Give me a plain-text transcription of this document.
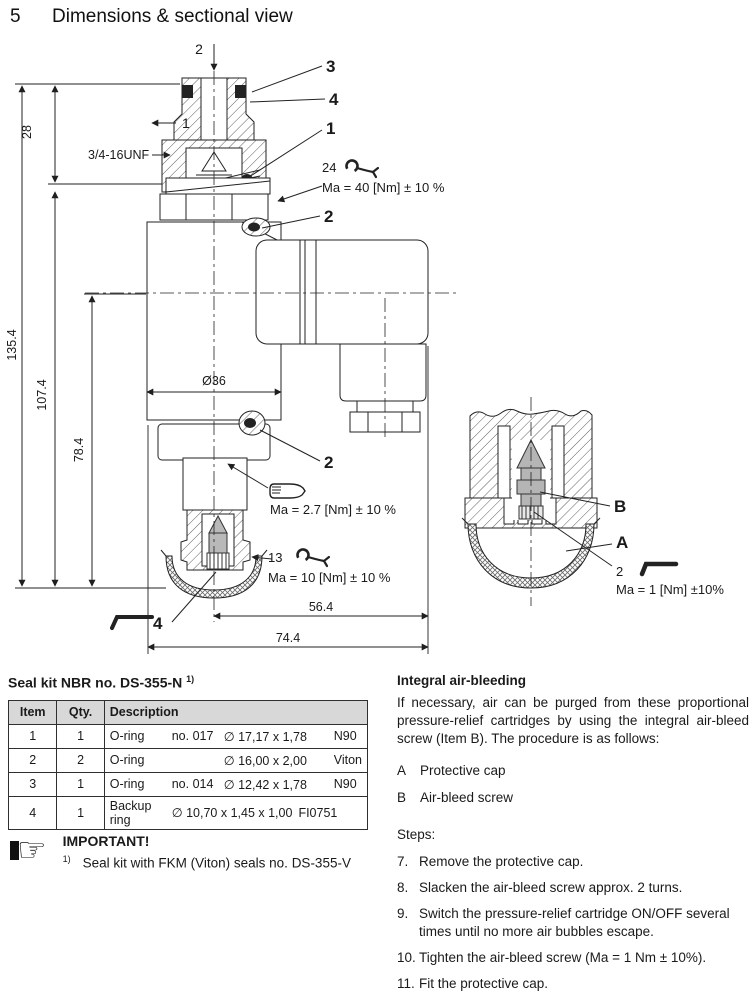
5 Dimensions & sectional view
135.4
28
107.4
78.4
Ø36
56.4
74.4
2
1
3/4-16UNF
3
4
1
2
2
4
24
Ma = 40 [Nm] ± 10 %
Ma = 2.7 [Nm] ± 10 %
13
Ma = 10 [Nm] ± 10 %
B
A
2
Ma = 1 [Nm] ±10%
Seal kit NBR no. DS-355-N $^{1)}$
Item	Qty.	Description
1	1	O-ring no. 017 ∅ 17,17 x 1,78 N90

2	2	O-ring ∅ 16,00 x 2,00 Viton

3	1	O-ring no. 014 ∅ 12,42 x 1,78 N90

4	1	Backup ring ∅ 10,70 x 1,45 x 1,00 FI0751
☞ IMPORTANT!
$^{1)}$ Seal kit with FKM (Viton) seals no. DS-355-V
Integral air-bleeding
If necessary, air can be purged from these proportional pressure-relief cartridges by using the integral air-bleed screw (Item B). The procedure is as follows:
A	Protective cap
B	Air-bleed screw
Steps:
7. Remove the protective cap.
8. Slacken the air-bleed screw approx. 2 turns.
9. Switch the pressure-relief cartridge ON/OFF several times until no more air bubbles escape.
10. Tighten the air-bleed screw (Ma = 1 Nm ± 10%).
11. Fit the protective cap.
